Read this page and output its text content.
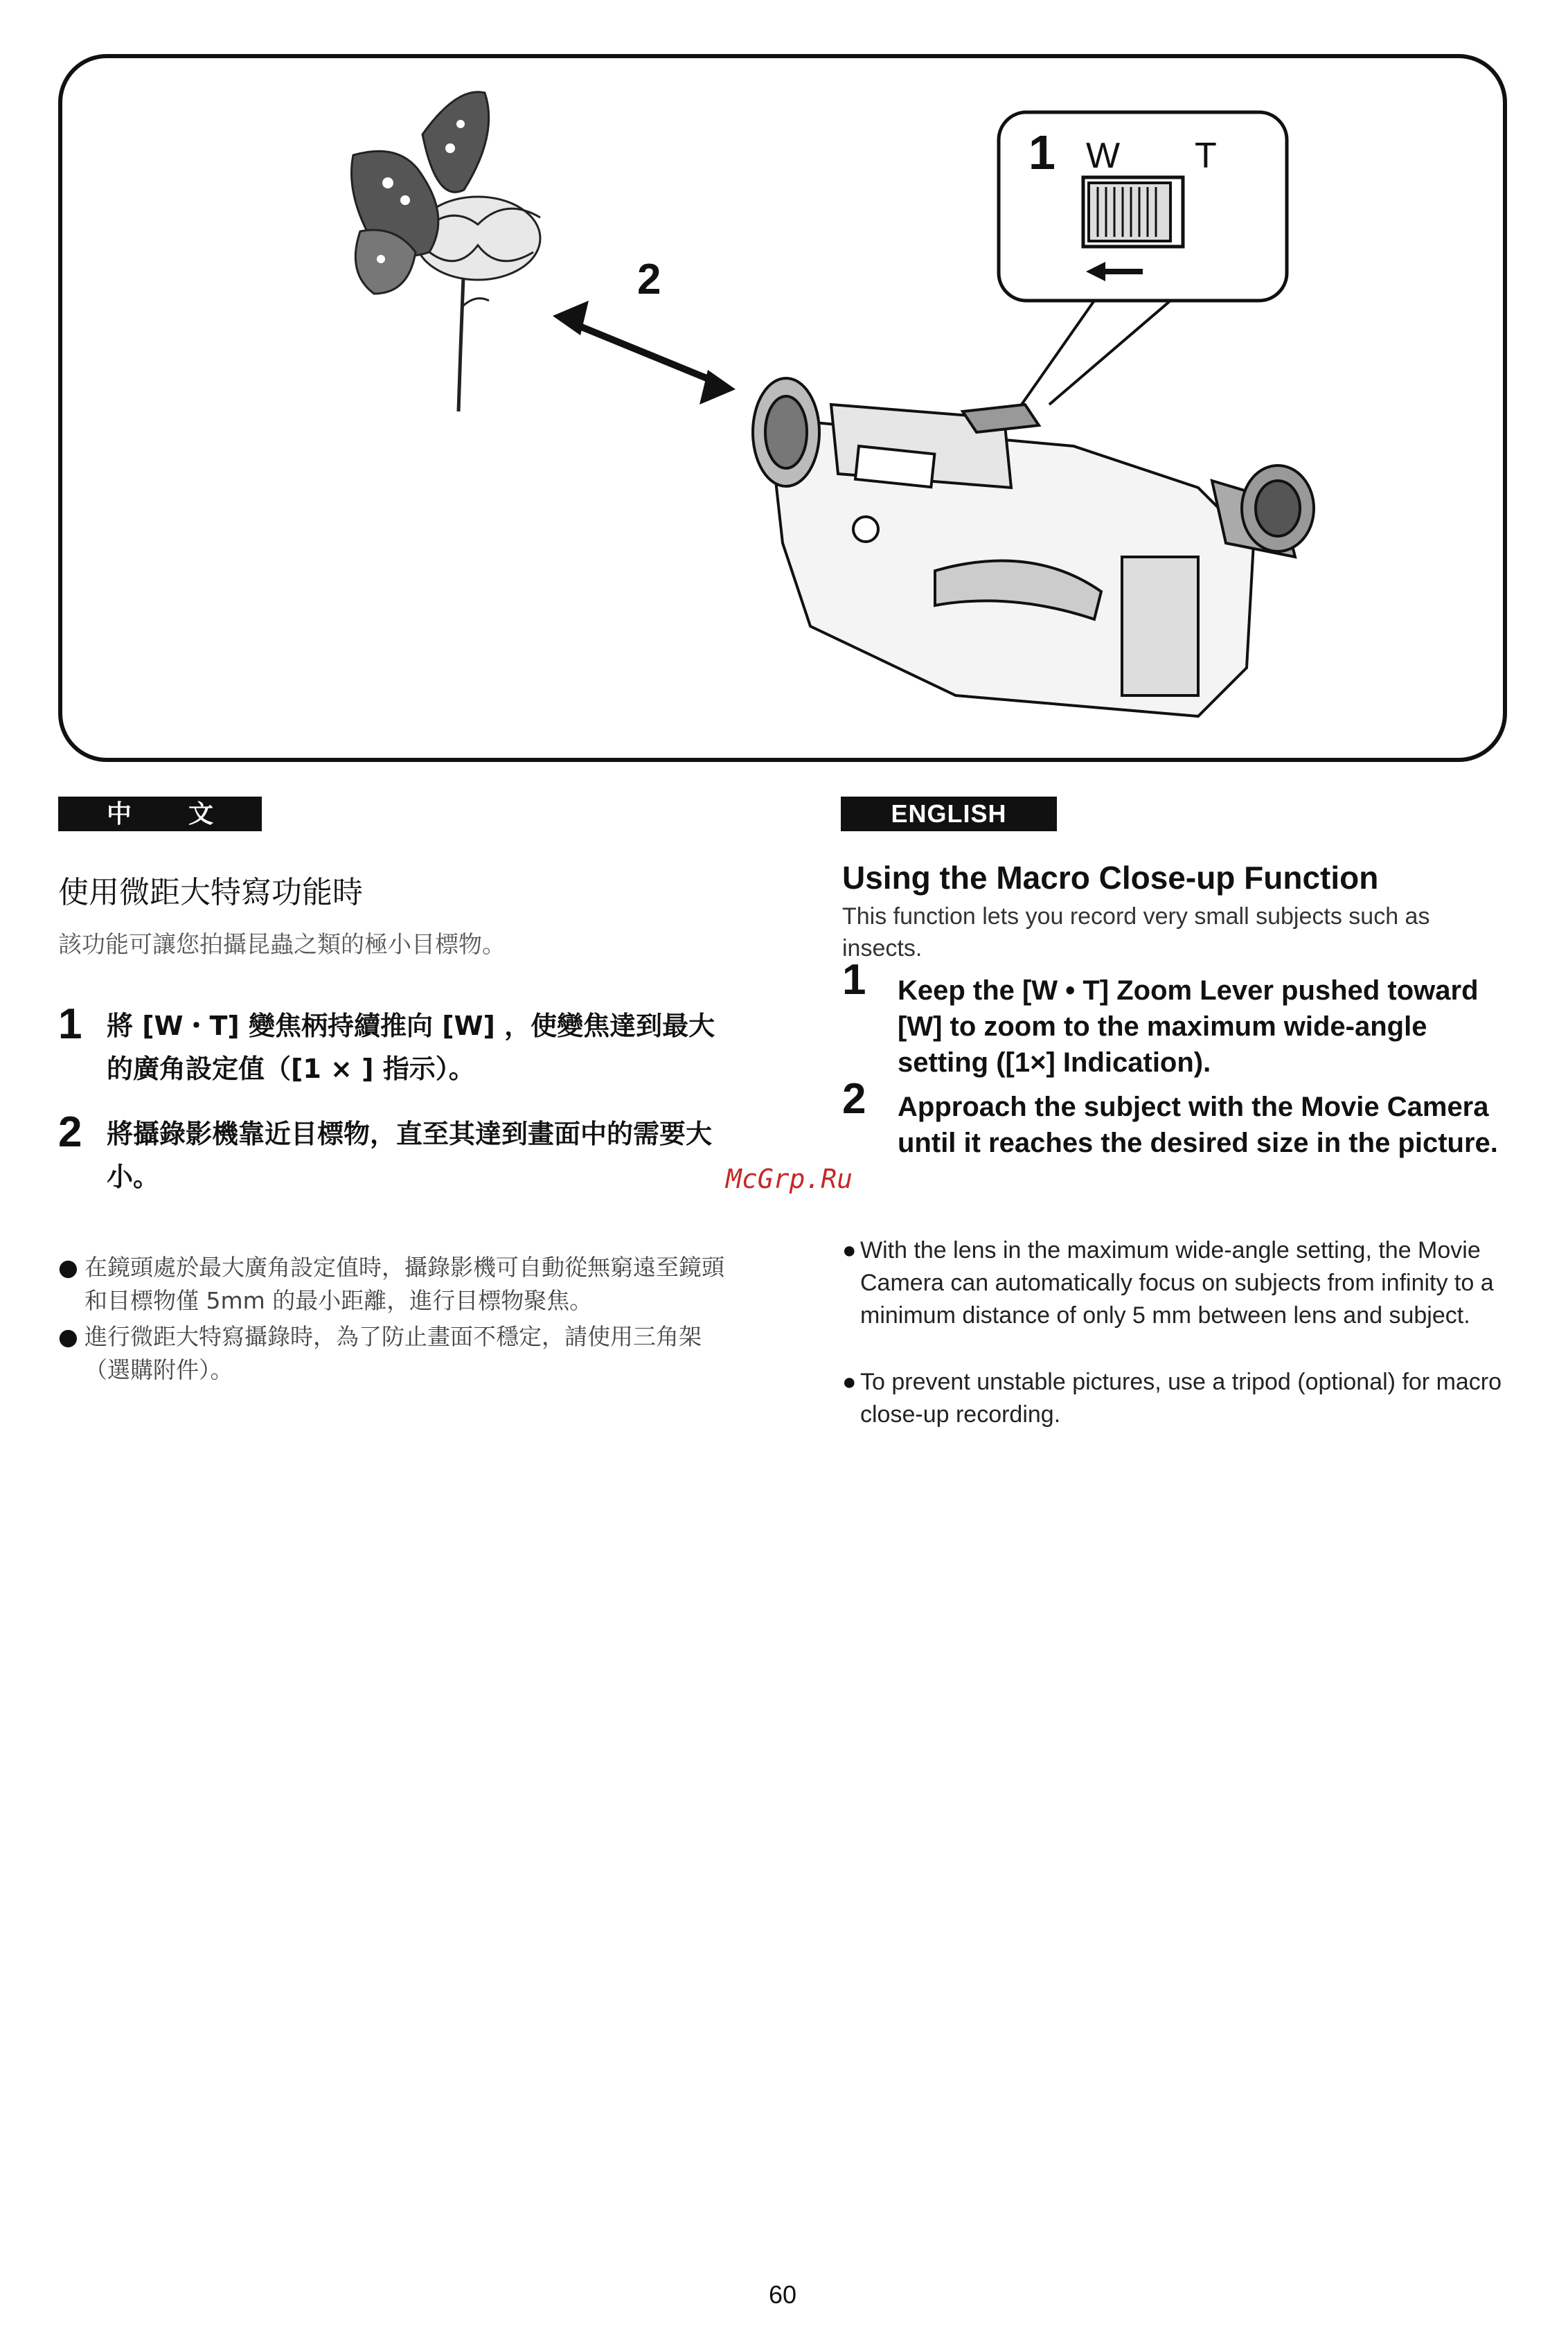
2
1 W T
中 文
使用微距大特寫功能時
該功能可讓您拍攝昆蟲之類的極小目標物。
1 將 [W・T] 變焦柄持續推向 [W] ，使變焦達到最大的廣角設定值（[1 × ] 指示）。
2 將攝錄影機靠近目標物，直至其達到畫面中的需要大小。
● 在鏡頭處於最大廣角設定值時，攝錄影機可自動從無窮遠至鏡頭和目標物僅 5mm 的最小距離，進行目標物聚焦。
● 進行微距大特寫攝錄時，為了防止畫面不穩定，請使用三角架（選購附件）。
McGrp.Ru
ENGLISH
Using the Macro Close-up Function
This function lets you record very small subjects such as insects.
1 Keep the [W • T] Zoom Lever pushed toward [W] to zoom to the maximum wide-angle setting ([1×] Indication).
2 Approach the subject with the Movie Camera until it reaches the desired size in the picture.
● With the lens in the maximum wide-angle setting, the Movie Camera can automatically focus on subjects from infinity to a minimum distance of only 5 mm between lens and subject.
● To prevent unstable pictures, use a tripod (optional) for macro close-up recording.
60
